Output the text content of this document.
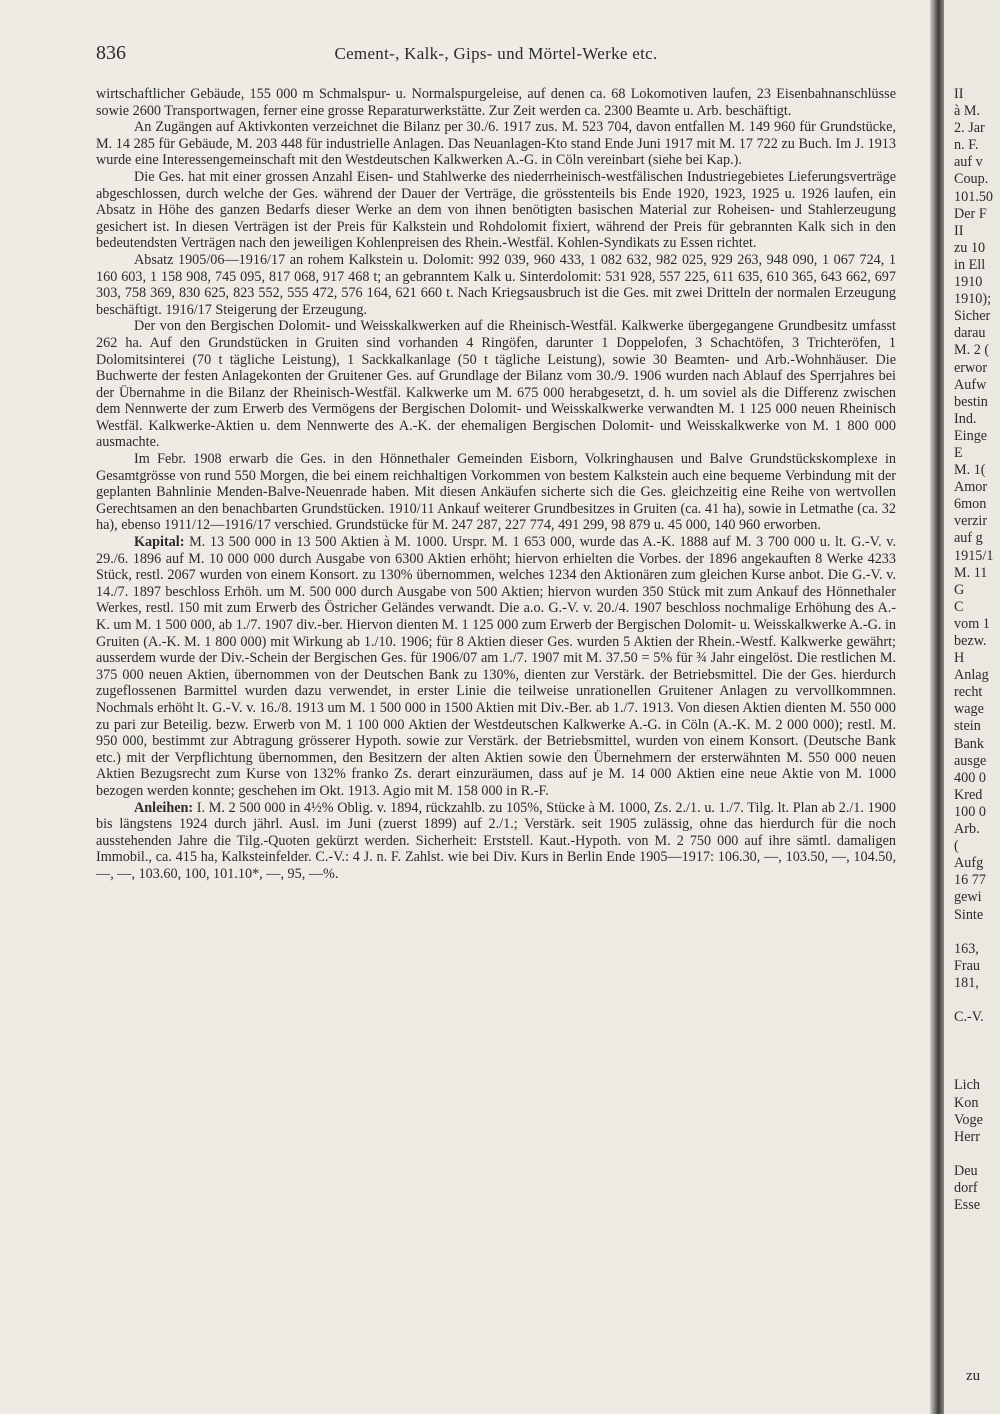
836	Cement-, Kalk-, Gips- und Mörtel-Werke etc.

wirtschaftlicher Gebäude, 155 000 m Schmalspur- u. Normalspurgeleise, auf denen ca. 68 Lokomotiven laufen, 23 Eisenbahnanschlüsse sowie 2600 Transportwagen, ferner eine grosse Reparaturwerkstätte. Zur Zeit werden ca. 2300 Beamte u. Arb. beschäftigt.

An Zugängen auf Aktivkonten verzeichnet die Bilanz per 30./6. 1917 zus. M. 523 704, davon entfallen M. 149 960 für Grundstücke, M. 14 285 für Gebäude, M. 203 448 für industrielle Anlagen. Das Neuanlagen-Kto stand Ende Juni 1917 mit M. 17 722 zu Buch. Im J. 1913 wurde eine Interessengemeinschaft mit den Westdeutschen Kalkwerken A.-G. in Cöln vereinbart (siehe bei Kap.).

Die Ges. hat mit einer grossen Anzahl Eisen- und Stahlwerke des niederrheinisch-westfälischen Industriegebietes Lieferungsverträge abgeschlossen, durch welche der Ges. während der Dauer der Verträge, die grösstenteils bis Ende 1920, 1923, 1925 u. 1926 laufen, ein Absatz in Höhe des ganzen Bedarfs dieser Werke an dem von ihnen benötigten basischen Material zur Roheisen- und Stahlerzeugung gesichert ist. In diesen Verträgen ist der Preis für Kalkstein und Rohdolomit fixiert, während der Preis für gebrannten Kalk sich in den bedeutendsten Verträgen nach den jeweiligen Kohlenpreisen des Rhein.-Westfäl. Kohlen-Syndikats zu Essen richtet.

Absatz 1905/06—1916/17 an rohem Kalkstein u. Dolomit: 992 039, 960 433, 1 082 632, 982 025, 929 263, 948 090, 1 067 724, 1 160 603, 1 158 908, 745 095, 817 068, 917 468 t; an gebranntem Kalk u. Sinterdolomit: 531 928, 557 225, 611 635, 610 365, 643 662, 697 303, 758 369, 830 625, 823 552, 555 472, 576 164, 621 660 t. Nach Kriegsausbruch ist die Ges. mit zwei Dritteln der normalen Erzeugung beschäftigt. 1916/17 Steigerung der Erzeugung.

Der von den Bergischen Dolomit- und Weisskalkwerken auf die Rheinisch-Westfäl. Kalkwerke übergegangene Grundbesitz umfasst 262 ha. Auf den Grundstücken in Gruiten sind vorhanden 4 Ringöfen, darunter 1 Doppelofen, 3 Schachtöfen, 3 Trichteröfen, 1 Dolomitsinterei (70 t tägliche Leistung), 1 Sackkalkanlage (50 t tägliche Leistung), sowie 30 Beamten- und Arb.-Wohnhäuser. Die Buchwerte der festen Anlagekonten der Gruitener Ges. auf Grundlage der Bilanz vom 30./9. 1906 wurden nach Ablauf des Sperrjahres bei der Übernahme in die Bilanz der Rheinisch-Westfäl. Kalkwerke um M. 675 000 herabgesetzt, d. h. um soviel als die Differenz zwischen dem Nennwerte der zum Erwerb des Vermögens der Bergischen Dolomit- und Weisskalkwerke verwandten M. 1 125 000 neuen Rheinisch Westfäl. Kalkwerke-Aktien u. dem Nennwerte des A.-K. der ehemaligen Bergischen Dolomit- und Weisskalkwerke von M. 1 800 000 ausmachte.

Im Febr. 1908 erwarb die Ges. in den Hönnethaler Gemeinden Eisborn, Volkringhausen und Balve Grundstückskomplexe in Gesamtgrösse von rund 550 Morgen, die bei einem reichhaltigen Vorkommen von bestem Kalkstein auch eine bequeme Verbindung mit der geplanten Bahnlinie Menden-Balve-Neuenrade haben. Mit diesen Ankäufen sicherte sich die Ges. gleichzeitig eine Reihe von wertvollen Gerechtsamen an den benachbarten Grundstücken. 1910/11 Ankauf weiterer Grundbesitzes in Gruiten (ca. 41 ha), sowie in Letmathe (ca. 32 ha), ebenso 1911/12—1916/17 verschied. Grundstücke für M. 247 287, 227 774, 491 299, 98 879 u. 45 000, 140 960 erworben.

Kapital: M. 13 500 000 in 13 500 Aktien à M. 1000. Urspr. M. 1 653 000, wurde das A.-K. 1888 auf M. 3 700 000 u. lt. G.-V. v. 29./6. 1896 auf M. 10 000 000 durch Ausgabe von 6300 Aktien erhöht; hiervon erhielten die Vorbes. der 1896 angekauften 8 Werke 4233 Stück, restl. 2067 wurden von einem Konsort. zu 130% übernommen, welches 1234 den Aktionären zum gleichen Kurse anbot. Die G.-V. v. 14./7. 1897 beschloss Erhöh. um M. 500 000 durch Ausgabe von 500 Aktien; hiervon wurden 350 Stück mit zum Ankauf des Hönnethaler Werkes, restl. 150 mit zum Erwerb des Östricher Geländes verwandt. Die a.o. G.-V. v. 20./4. 1907 beschloss nochmalige Erhöhung des A.-K. um M. 1 500 000, ab 1./7. 1907 div.-ber. Hiervon dienten M. 1 125 000 zum Erwerb der Bergischen Dolomit- u. Weisskalkwerke A.-G. in Gruiten (A.-K. M. 1 800 000) mit Wirkung ab 1./10. 1906; für 8 Aktien dieser Ges. wurden 5 Aktien der Rhein.-Westf. Kalkwerke gewährt; ausserdem wurde der Div.-Schein der Bergischen Ges. für 1906/07 am 1./7. 1907 mit M. 37.50 = 5% für ¾ Jahr eingelöst. Die restlichen M. 375 000 neuen Aktien, übernommen von der Deutschen Bank zu 130%, dienten zur Verstärk. der Betriebsmittel. Die der Ges. hierdurch zugeflossenen Barmittel wurden dazu verwendet, in erster Linie die teilweise unrationellen Gruitener Anlagen zu vervollkommnen. Nochmals erhöht lt. G.-V. v. 16./8. 1913 um M. 1 500 000 in 1500 Aktien mit Div.-Ber. ab 1./7. 1913. Von diesen Aktien dienten M. 550 000 zu pari zur Beteilig. bezw. Erwerb von M. 1 100 000 Aktien der Westdeutschen Kalkwerke A.-G. in Cöln (A.-K. M. 2 000 000); restl. M. 950 000, bestimmt zur Abtragung grösserer Hypoth. sowie zur Verstärk. der Betriebsmittel, wurden von einem Konsort. (Deutsche Bank etc.) mit der Verpflichtung übernommen, den Besitzern der alten Aktien sowie den Übernehmern der ersterwähnten M. 550 000 neuen Aktien Bezugsrecht zum Kurse von 132% franko Zs. derart einzuräumen, dass auf je M. 14 000 Aktien eine neue Aktie von M. 1000 bezogen werden konnte; geschehen im Okt. 1913. Agio mit M. 158 000 in R.-F.

Anleihen: I. M. 2 500 000 in 4½% Oblig. v. 1894, rückzahlb. zu 105%, Stücke à M. 1000, Zs. 2./1. u. 1./7. Tilg. lt. Plan ab 2./1. 1900 bis längstens 1924 durch jährl. Ausl. im Juni (zuerst 1899) auf 2./1.; Verstärk. seit 1905 zulässig, ohne das hierdurch für die noch ausstehenden Jahre die Tilg.-Quoten gekürzt werden. Sicherheit: Erststell. Kaut.-Hypoth. von M. 2 750 000 auf ihre sämtl. damaligen Immobil., ca. 415 ha, Kalksteinfelder. C.-V.: 4 J. n. F. Zahlst. wie bei Div. Kurs in Berlin Ende 1905—1917: 106.30, —, 103.50, —, 104.50, —, —, 103.60, 100, 101.10*, —, 95, —%.

II
à M.
2. Jar
n. F.
auf v
Coup.
101.50
Der F
II
zu 10
in Ell
1910
1910);
Sicher
darau
M. 2 (
erwor
Aufw
bestin
Ind.
Einge
E
M. 1(
Amor
6mon
verzir
auf g
1915/1
M. 11
G
C
vom 1
bezw.
H
Anlag
recht
wage
stein
Bank
ausge
400 0
Kred
100 0
Arb.
(
Aufg
16 77
gewi
Sinte
163,
Frau
181,
C.-V.
Lich
Kon
Voge
Herr
Deu
dorf
Esse
zu
